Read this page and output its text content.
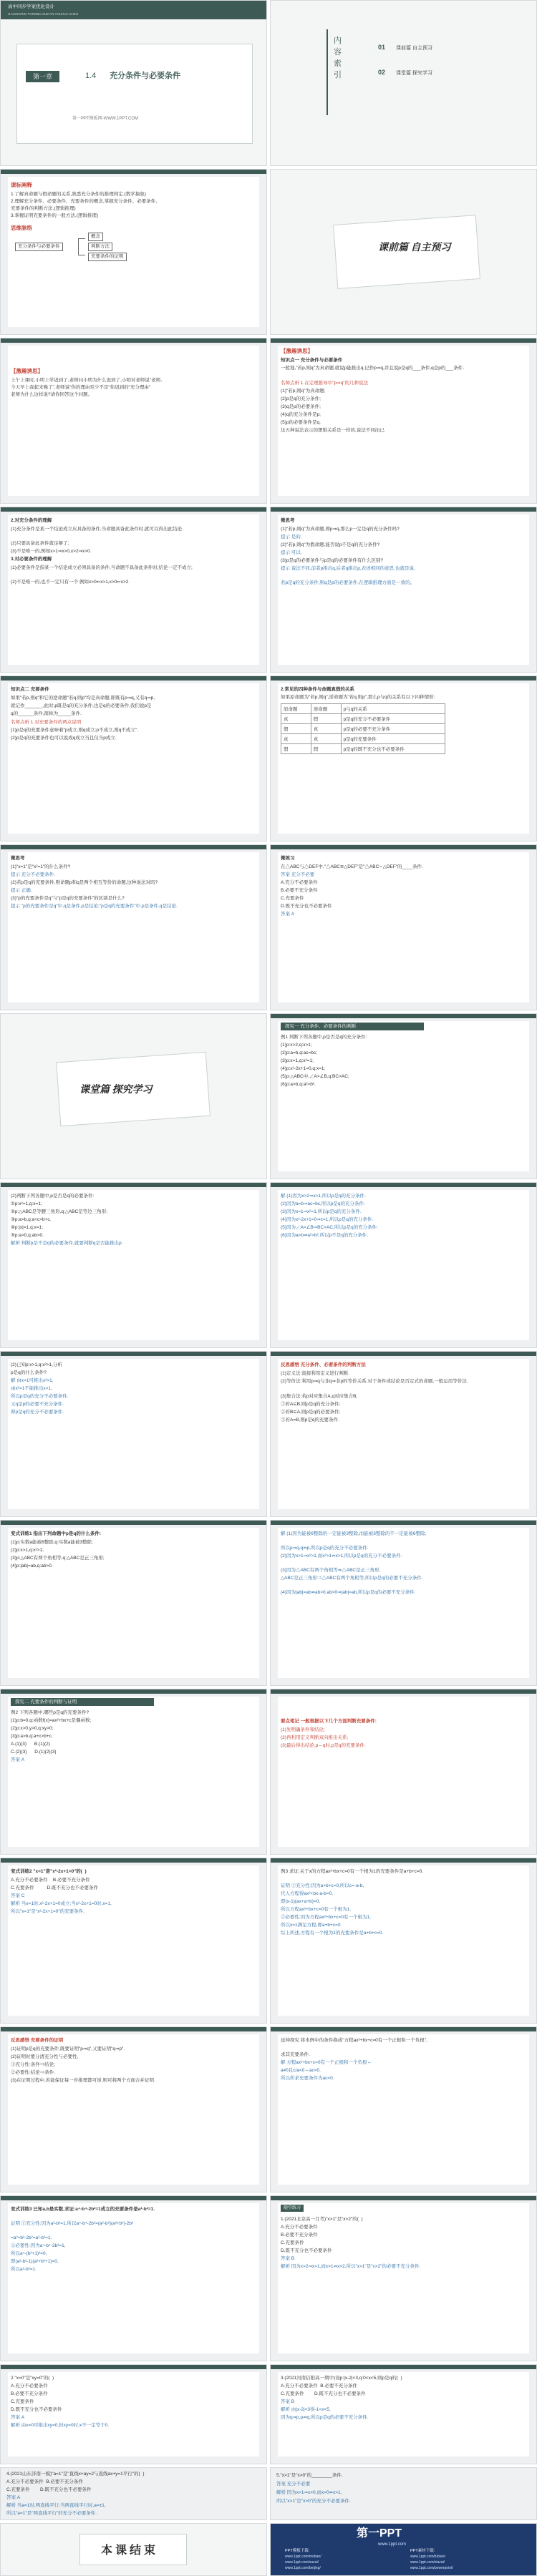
高中同步学案优化设计
GAOZHONG TONGBU XUE'AN YOUHUA SHEJI
第一章	1.4 充分条件与必要条件
第一PPT模板网-WWW.1PPT.COM
内容索引
01 课前篇 自主预习
02 课堂篇 探究学习
课标阐释
1.了解真命题与假命题的关系,熟悉充分条件的推理判定.(数学抽象)
2.理解充分条件、必要条件、充要条件的概念,掌握充分条件、必要条件、
充要条件的判断方法.(逻辑推理)
3.掌握证明充要条件的一般方法.(逻辑推理)
思维脉络
充分条件与必要条件
概念
判断方法
充要条件的证明
课前篇 自主预习
【激趣诱思】
上午上课时,小明上学迟到了,老师问小明为什么迟到了,小明对老师说"老师,
今天早上我起来晚了",老师说"你的理由至少不是"你迟到的"充分理由"
老师为什么这样说?请你回答这个问题。
【激趣诱思】
知识点一 充分条件与必要条件
一般地,"若p,则q"为真命题,就说p能推出q,记作p⇒q,并且说p是q的___条件,q是p的___条件.
名师点析 1.在定理推导中"p⇒q"的几种说法
(1)"若p,则q"为真命题;
(2)p是q的充分条件;
(3)q是p的必要条件;
(4)q的充分条件是p;
(5)p的必要条件是q.
这五种说法表示的逻辑关系是一样的,说法不同而已.
2.对充分条件的理解
(1)充分条件是某一个结论成立应具备的条件,当命题具备此条件时,就可以得出此结论.
(2)只要具备此条件就足够了;
(3)不是唯一的,例如x>1⇒x>0,x>2⇒x>0.
3.对必要条件的理解
(1)必要条件是指某一个结论成立必须具备的条件,当命题不具备此条件时,结论一定不成立;
(2)不是唯一的,也不一定只有一个.例如x>0⇐x>1,x>0⇐x>2.
微思考
(1)"若p,则q"为真命题,即p⇒q,那么p一定是q的充分条件吗?
提示 是的.
(2)"若p,则q"为假命题,能否说p不是q的充分条件?
提示 可以.
(3)p是q的必要条件与p是q的必要条件有什么区别?
提示 说法不同,前者p推出q,后者q推出p,表述相同的意思.也就是说,
若p是q的充分条件,则q是p的必要条件,在逻辑推理方面是一致的。
知识点二 充要条件
如果"若p,则q"和它的逆命题"若q,则p"均是真命题,即既有p⇒q,又有q⇒p,
就记作_______,此时,p既是q的充分条件,也是q的必要条件,我们说p是
q的______条件,简称为_____条件.
名师点析 1.对充要条件的两点说明
(1)p是q的充要条件意味着"p成立,则q成立;p不成立,则q不成立".
(2)p是q的充要条件也可以说成q成立当且仅当p成立.
2.常见的四种条件与命题真假的关系
如果原命题为"若p,则q",逆命题为"若q,则p",那么p与q的关系有以下四种情形:
原命题	逆命题	p与q的关系
真	假	p是q的充分不必要条件
假	真	p是q的必要不充分条件
真	真	p是q的充要条件
假	假	p是q的既不充分也不必要条件
微思考
(1)"x=1"是"x²=1"的什么条件?
提示 充分不必要条件.
(2)若p是q的充要条件,则命题p和q是两个相互等价的命题,这种说法对吗?
提示 正确.
(3)"p的充要条件是q"与"p是q的充要条件"的区别是什么?
提示 "p的充要条件是q"中,q是条件,p是结论;"p是q的充要条件"中,p是条件,q是结论.
微练习
在△ABC与△DEF中,"△ABC≌△DEF"是"△ABC∽△DEF"的____条件.
答案 充分不必要
A.充分不必要条件
B.必要不充分条件
C.充要条件
D.既不充分也不必要条件
答案 A
课堂篇 探究学习
探究一 充分条件、必要条件的判断
例1 判断下列各题中,p是否是q的充分条件:
(1)p:x>2,q:x>1;
(2)p:a=b,q:ac=bc;
(3)p:x=1,q:x²=1;
(4)p:x²-2x+1=0,q:x=1;
(5)p:△ABC中,∠A>∠B,q:BC>AC;
(6)p:a>b,q:a²>b².
(2)判断下列各题中,p是否是q的必要条件:
①p:x²=1,q:x=1;
②p:△ABC是等腰三角形,q:△ABC是等边三角形;
③p:a>b,q:a+c>b+c.
④p:|x|=1,q:x=1;
⑤p:a>0,q:ab>0.
解析 判断p是不是q的必要条件,就要判断q是否能推出p.
解 (1)因为x>2⇒x>1,所以p是q的充分条件.
(2)因为a=b⇒ac=bc,所以p是q的充分条件.
(3)因为x=1⇒x²=1,所以p是q的充分条件.
(4)因为x²-2x+1=0⇒x=1,所以p是q的充分条件.
(5)因为∠A>∠B⇒BC>AC,所以p是q的充分条件.
(6)因为a>b⇏a²>b²,所以p不是q的充分条件.
(2)已知p:x>1,q:x²>1,分析
p是q的什么条件?
解 由x>1可推出x²>1,
由x²>1不能推出x>1,
所以p是q的充分不必要条件.
又q是p的必要不充分条件.
即p是q的充分不必要条件.
反思感悟 充分条件、必要条件的判断方法
(1)定义法:直接利用定义进行判断.
(2)等价法:利用p⇒q与非q⇒非p的等价关系,对于条件或结论是否定式的命题,一般运用等价法.
(3)集合法:若p对应集合A,q对应集合B,
①若A⊆B,则p是q的充分条件;
②若B⊆A,则p是q的必要条件;
③若A=B,则p是q的充要条件.
变式训练1 指出下列命题中p是q的什么条件:
(1)p:实数a能被6整除,q:实数a能被3整除;
(2)p:x>1,q:x²>1;
(3)p:△ABC有两个角相等,q:△ABC是正三角形;
(4)p:|ab|=ab,q:ab>0.
解 (1)因为能被6整除的一定能被3整除,而能被3整除的不一定能被6整除,
所以p⇒q,q⇏p,所以p是q的充分不必要条件.
(2)因为x>1⇒x²>1,而x²>1⇏x>1,所以p是q的充分不必要条件.
(3)因为△ABC有两个角相等⇏△ABC是正三角形,
△ABC是正三角形⇒△ABC有两个角相等,所以p是q的必要不充分条件.
(4)因为|ab|=ab⇏ab>0,ab>0⇒|ab|=ab,所以p是q的必要不充分条件.
探究二 充要条件的判断与证明
例2 下列各题中,哪些p是q的充要条件?
(1)p:b=0,q:函数f(x)=ax²+bx+c是偶函数;
(2)p:x>0,y>0,q:xy>0;
(3)p:a>b,q:a+c>b+c.
A.(1)(3)      B.(1)(2)
C.(2)(3)      D.(1)(2)(3)
答案 A
要点笔记 一般根据以下几个方面判断充要条件:
(1)先明确条件和结论;
(2)再利用定义判断双向推出关系;
(3)最后得出结论,p⇔q时,p是q的充要条件.
变式训练2 "x=1"是"x²-2x+1=0"的(  )
A.充分不必要条件    B.必要不充分条件
C.充要条件          D.既不充分也不必要条件
答案 C
解析 当x=1时,x²-2x+1=0成立;当x²-2x+1=0时,x=1,
所以"x=1"是"x²-2x+1=0"的充要条件.
例3 求证:关于x的方程ax²+bx+c=0有一个根为1的充要条件是a+b+c=0.
证明 ①充分性:因为a+b+c=0,所以c=-a-b,
代入方程得ax²+bx-a-b=0,
即(x-1)(ax+a+b)=0,
所以方程ax²+bx+c=0有一个根为1.
②必要性:因为方程ax²+bx+c=0有一个根为1,
所以x=1满足方程,即a+b+c=0.
综上所述,方程有一个根为1的充要条件是a+b+c=0.
反思感悟 充要条件的证明
(1)证明p是q的充要条件,既要证明"p⇒q",又要证明"q⇒p".
(2)证明时要分清充分性与必要性,
①充分性:条件⇒结论;
②必要性:结论⇒条件.
(3)在证明过程中,若能保证每一步推理都可逆,则可将两个方面合并证明.
延伸探究 将本例中的条件换成"方程ax²+bx+c=0有一个正根和一个负根",
求其充要条件.
解 方程ax²+bx+c=0有一个正根和一个负根⇔
a≠0且c/a<0⇔ac<0.
所以所求充要条件为ac<0.
变式训练3 已知a,b是实数,求证:a⁴-b⁴-2b²=1成立的充要条件是a²-b²=1.
证明 ①充分性:因为a²-b²=1,所以a⁴-b⁴-2b²=(a²-b²)(a²+b²)-2b²
=a²+b²-2b²=a²-b²=1.
②必要性:因为a⁴-b⁴-2b²=1,
所以a⁴-(b²+1)²=0,
即(a²-b²-1)(a²+b²+1)=0,
所以a²-b²=1.
随堂练习
1.(2021北京高一月考)"x>1"是"x>2"的(  )
A.充分不必要条件
B.必要不充分条件
C.充要条件
D.既不充分也不必要条件
答案 B
解析 因为x>2⇒x>1,而x>1⇏x>2,所以"x>1"是"x>2"的必要不充分条件.
2."x=0"是"xy=0"的(  )
A.充分不必要条件
B.必要不充分条件
C.充要条件
D.既不充分也不必要条件
答案 A
解析 由x=0可推出xy=0,但xy=0时,x不一定等于0.
3.(2021河南信阳高一期中)设p:|x-2|<3,q:0<x<5,则p是q的(  )
A.充分不必要条件  B.必要不充分条件
C.充要条件        D.既不充分也不必要条件
答案 B
解析 由|x-2|<3得-1<x<5,
因为q⇒p,p⇏q,所以p是q的必要不充分条件.
4.(2021山东济南一模)"a=1"是"直线x+ay=2与直线ax+y=1平行"的(  )
A.充分不必要条件  B.必要不充分条件
C.充要条件        D.既不充分也不必要条件
答案 A
解析 当a=1时,两直线平行;当两直线平行时,a=±1,
所以"a=1"是"两直线平行"的充分不必要条件.
5."x>1"是"x>0"的________条件.
答案 充分不必要
解析 因为x>1⇒x>0,而x>0⇏x>1,
所以"x>1"是"x>0"的充分不必要条件.
本课结束
第一PPT
www.1ppt.com
PPT模板下载:
www.1ppt.com/moban/
www.1ppt.com/sucai/
www.1ppt.com/beijing/
PPT素材下载:
www.1ppt.com/tubiao/
www.1ppt.com/xiazai/
www.1ppt.com/powerpoint/
